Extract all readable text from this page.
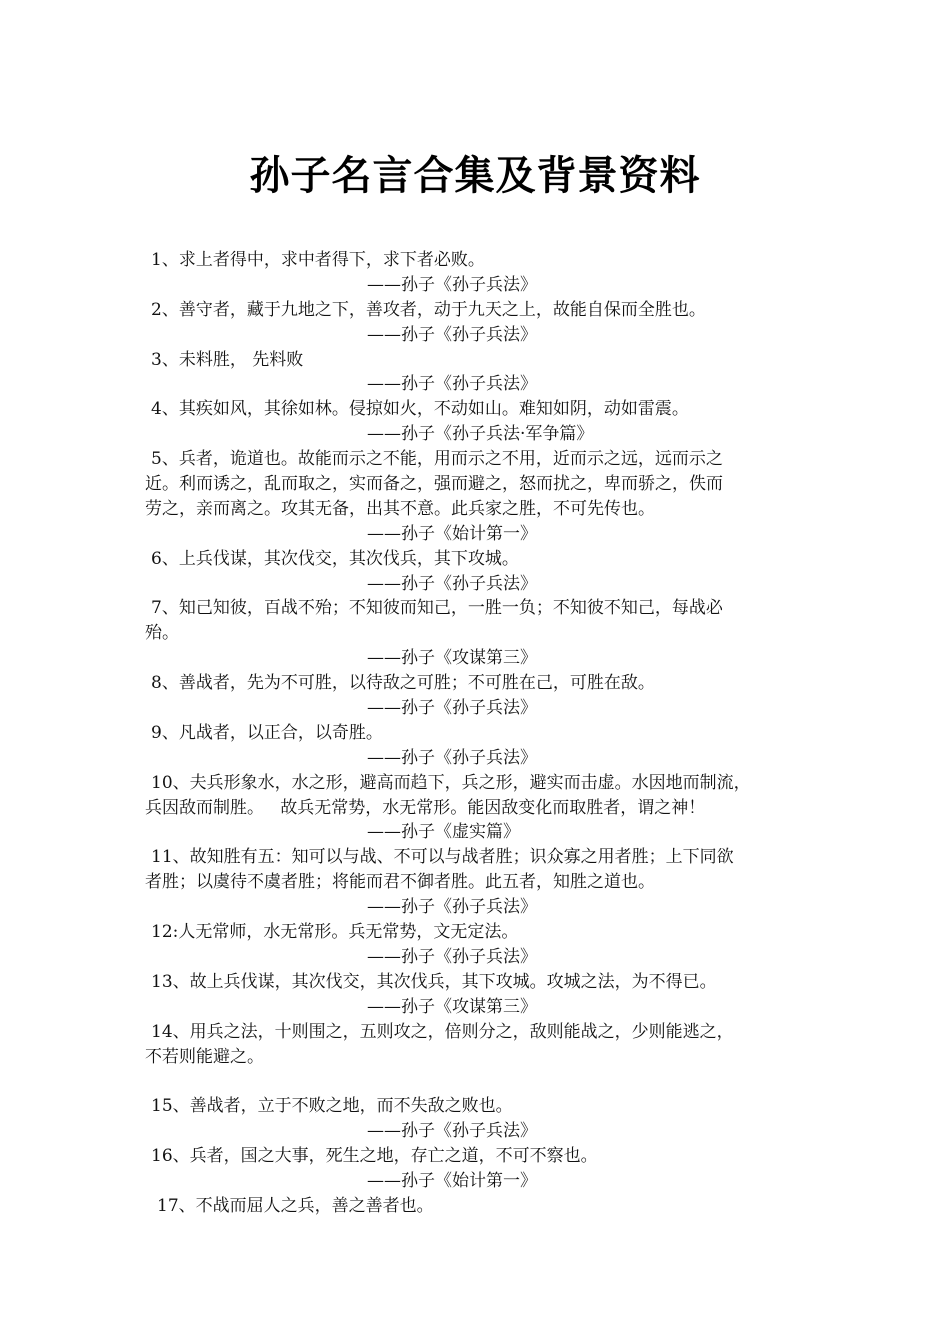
孙子名言合集及背景资料
1、求上者得中，求中者得下，求下者必败。
——孙子《孙子兵法》
2、善守者，藏于九地之下，善攻者，动于九天之上，故能自保而全胜也。
——孙子《孙子兵法》
3、未料胜， 先料败
——孙子《孙子兵法》
4、其疾如风，其徐如林。侵掠如火，不动如山。难知如阴，动如雷震。
——孙子《孙子兵法·军争篇》
5、兵者，诡道也。故能而示之不能，用而示之不用，近而示之远，远而示之
近。利而诱之，乱而取之，实而备之，强而避之，怒而扰之，卑而骄之，佚而
劳之，亲而离之。攻其无备，出其不意。此兵家之胜，不可先传也。
——孙子《始计第一》
6、上兵伐谋，其次伐交，其次伐兵，其下攻城。
——孙子《孙子兵法》
7、知己知彼，百战不殆；不知彼而知己，一胜一负；不知彼不知己，每战必
殆。
——孙子《攻谋第三》
8、善战者，先为不可胜，以待敌之可胜；不可胜在己，可胜在敌。
——孙子《孙子兵法》
9、凡战者，以正合，以奇胜。
——孙子《孙子兵法》
10、夫兵形象水，水之形，避高而趋下，兵之形，避实而击虚。水因地而制流，
兵因敌而制胜。   故兵无常势，水无常形。能因敌变化而取胜者，谓之神！
——孙子《虚实篇》
11、故知胜有五：知可以与战、不可以与战者胜；识众寡之用者胜；上下同欲
者胜；以虞待不虞者胜；将能而君不御者胜。此五者，知胜之道也。
——孙子《孙子兵法》
12:人无常师，水无常形。兵无常势，文无定法。
——孙子《孙子兵法》
13、故上兵伐谋，其次伐交，其次伐兵，其下攻城。攻城之法，为不得已。
——孙子《攻谋第三》
14、用兵之法，十则围之，五则攻之，倍则分之，敌则能战之，少则能逃之，
不若则能避之。
15、善战者，立于不败之地，而不失敌之败也。
——孙子《孙子兵法》
16、兵者，国之大事，死生之地，存亡之道，不可不察也。
——孙子《始计第一》
17、不战而屈人之兵，善之善者也。
